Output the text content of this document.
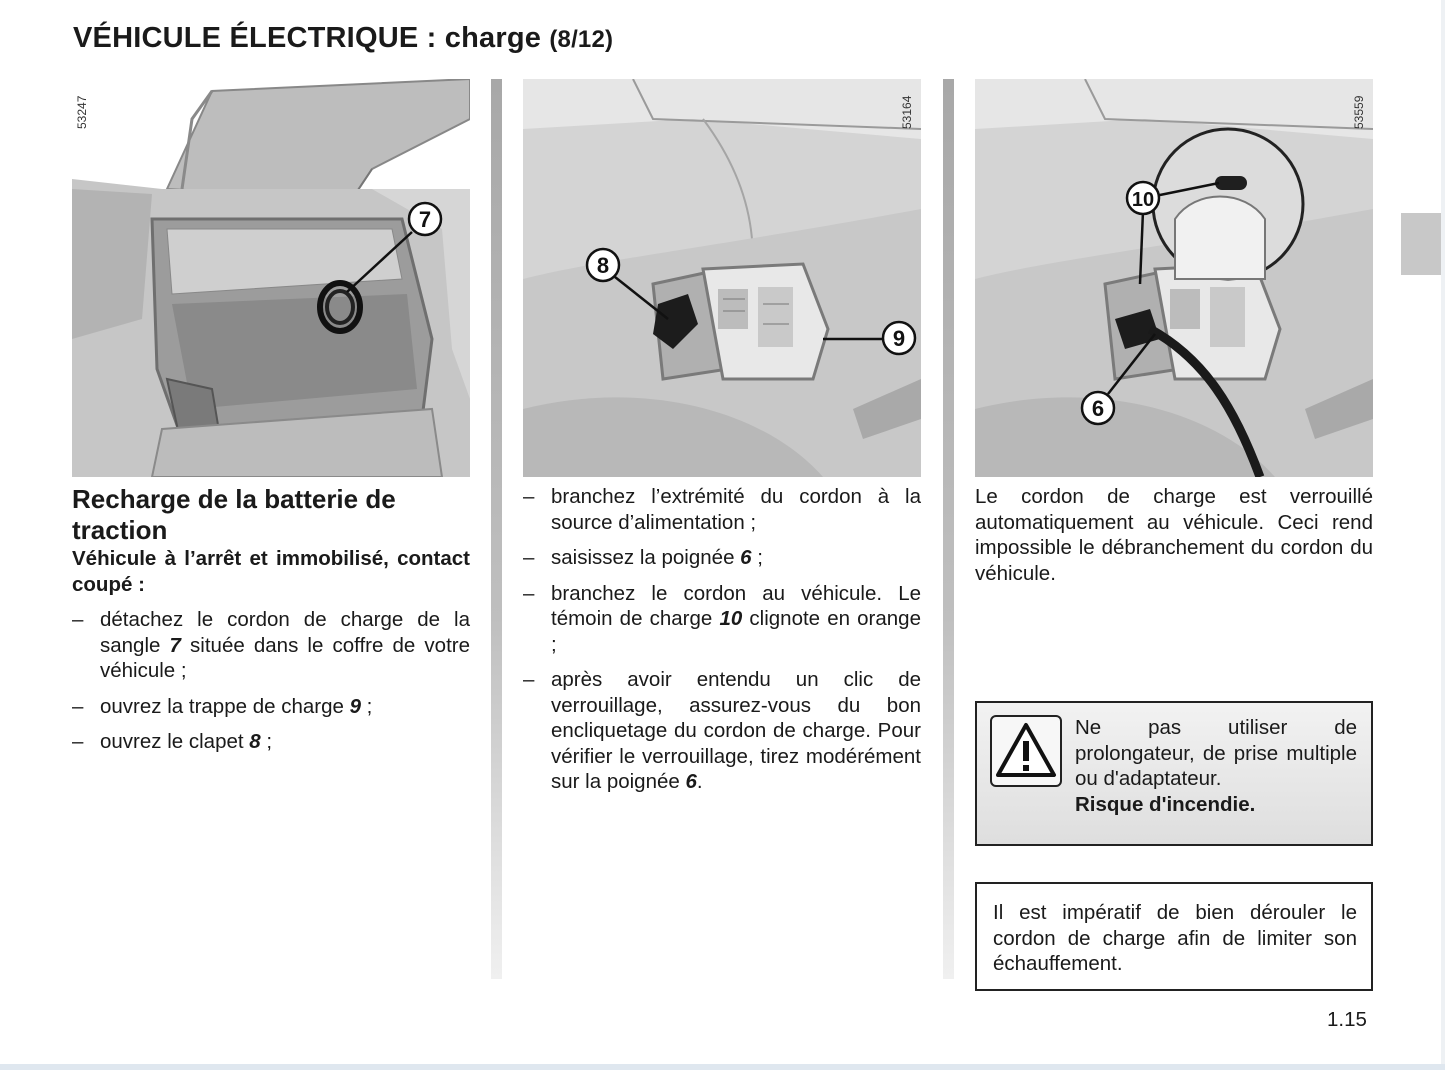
VÉHICULE ÉLECTRIQUE : charge (8/12)
7
53247
8
9
53164
10
6
53559
Recharge de la batterie de traction

Véhicule à l’arrêt et immobilisé, contact coupé :

– détachez le cordon de charge de la sangle 7 située dans le coffre de votre véhicule ;
– ouvrez la trappe de charge 9 ;
– ouvrez le clapet 8 ;
– branchez l’extrémité du cordon à la source d’alimentation ;
– saisissez la poignée 6 ;
– branchez le cordon au véhicule. Le témoin de charge 10 clignote en orange ;
– après avoir entendu un clic de verrouillage, assurez-vous du bon encliquetage du cordon de charge. Pour vérifier le verrouillage, tirez modérément sur la poignée 6.

Le cordon de charge est verrouillé automatiquement au véhicule. Ceci rend impossible le débranchement du cordon du véhicule.

Ne pas utiliser de prolongateur, de prise multiple ou d'adaptateur.
Risque d'incendie.
Il est impératif de bien dérouler le cordon de charge afin de limiter son échauffement.
1.15
